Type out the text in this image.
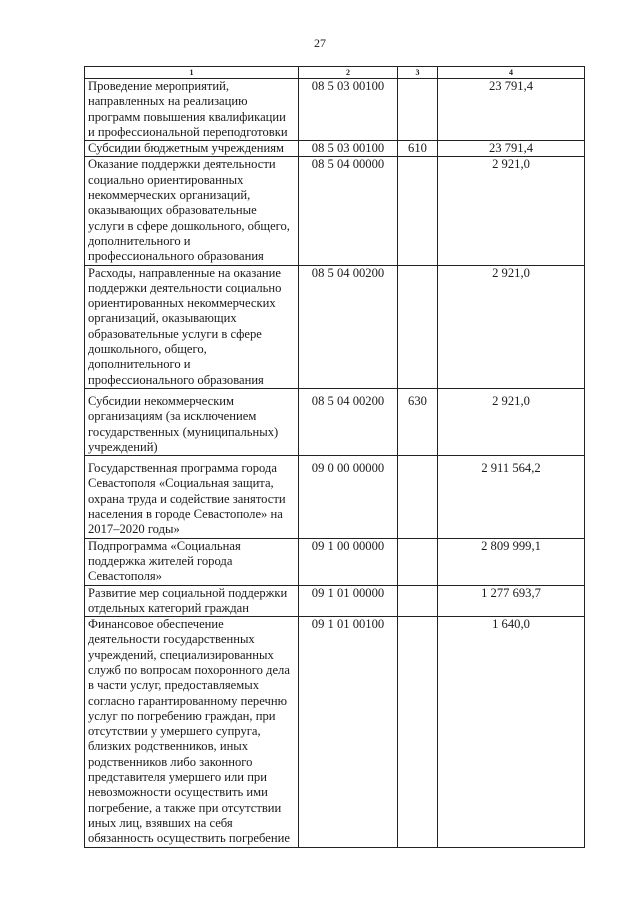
27
1	2	3	4
Проведение мероприятий, направленных на реализацию программ повышения квалификации и профессиональной переподготовки	08 5 03 00100		23 791,4
Субсидии бюджетным учреждениям	08 5 03 00100	610	23 791,4
Оказание поддержки деятельности социально ориентированных некоммерческих организаций, оказывающих образовательные услуги в сфере дошкольного, общего, дополнительного и профессионального образования	08 5 04 00000		2 921,0
Расходы, направленные на оказание поддержки деятельности социально ориентированных некоммерческих организаций, оказывающих образовательные услуги в сфере дошкольного, общего, дополнительного и профессионального образования	08 5 04 00200		2 921,0
Субсидии некоммерческим организациям (за исключением государственных (муниципальных) учреждений)	08 5 04 00200	630	2 921,0
Государственная программа города Севастополя «Социальная защита, охрана труда и содействие занятости населения в городе Севастополе» на 2017–2020 годы»	09 0 00 00000		2 911 564,2
Подпрограмма «Социальная поддержка жителей города Севастополя»	09 1 00 00000		2 809 999,1
Развитие мер социальной поддержки отдельных категорий граждан	09 1 01 00000		1 277 693,7
Финансовое обеспечение деятельности государственных учреждений, специализированных служб по вопросам похоронного дела в части услуг, предоставляемых согласно гарантированному перечню услуг по погребению граждан, при отсутствии у умершего супруга, близких родственников, иных родственников либо законного представителя умершего или при невозможности осуществить ими погребение, а также при отсутствии иных лиц, взявших на себя обязанность осуществить погребение	09 1 01 00100		1 640,0
